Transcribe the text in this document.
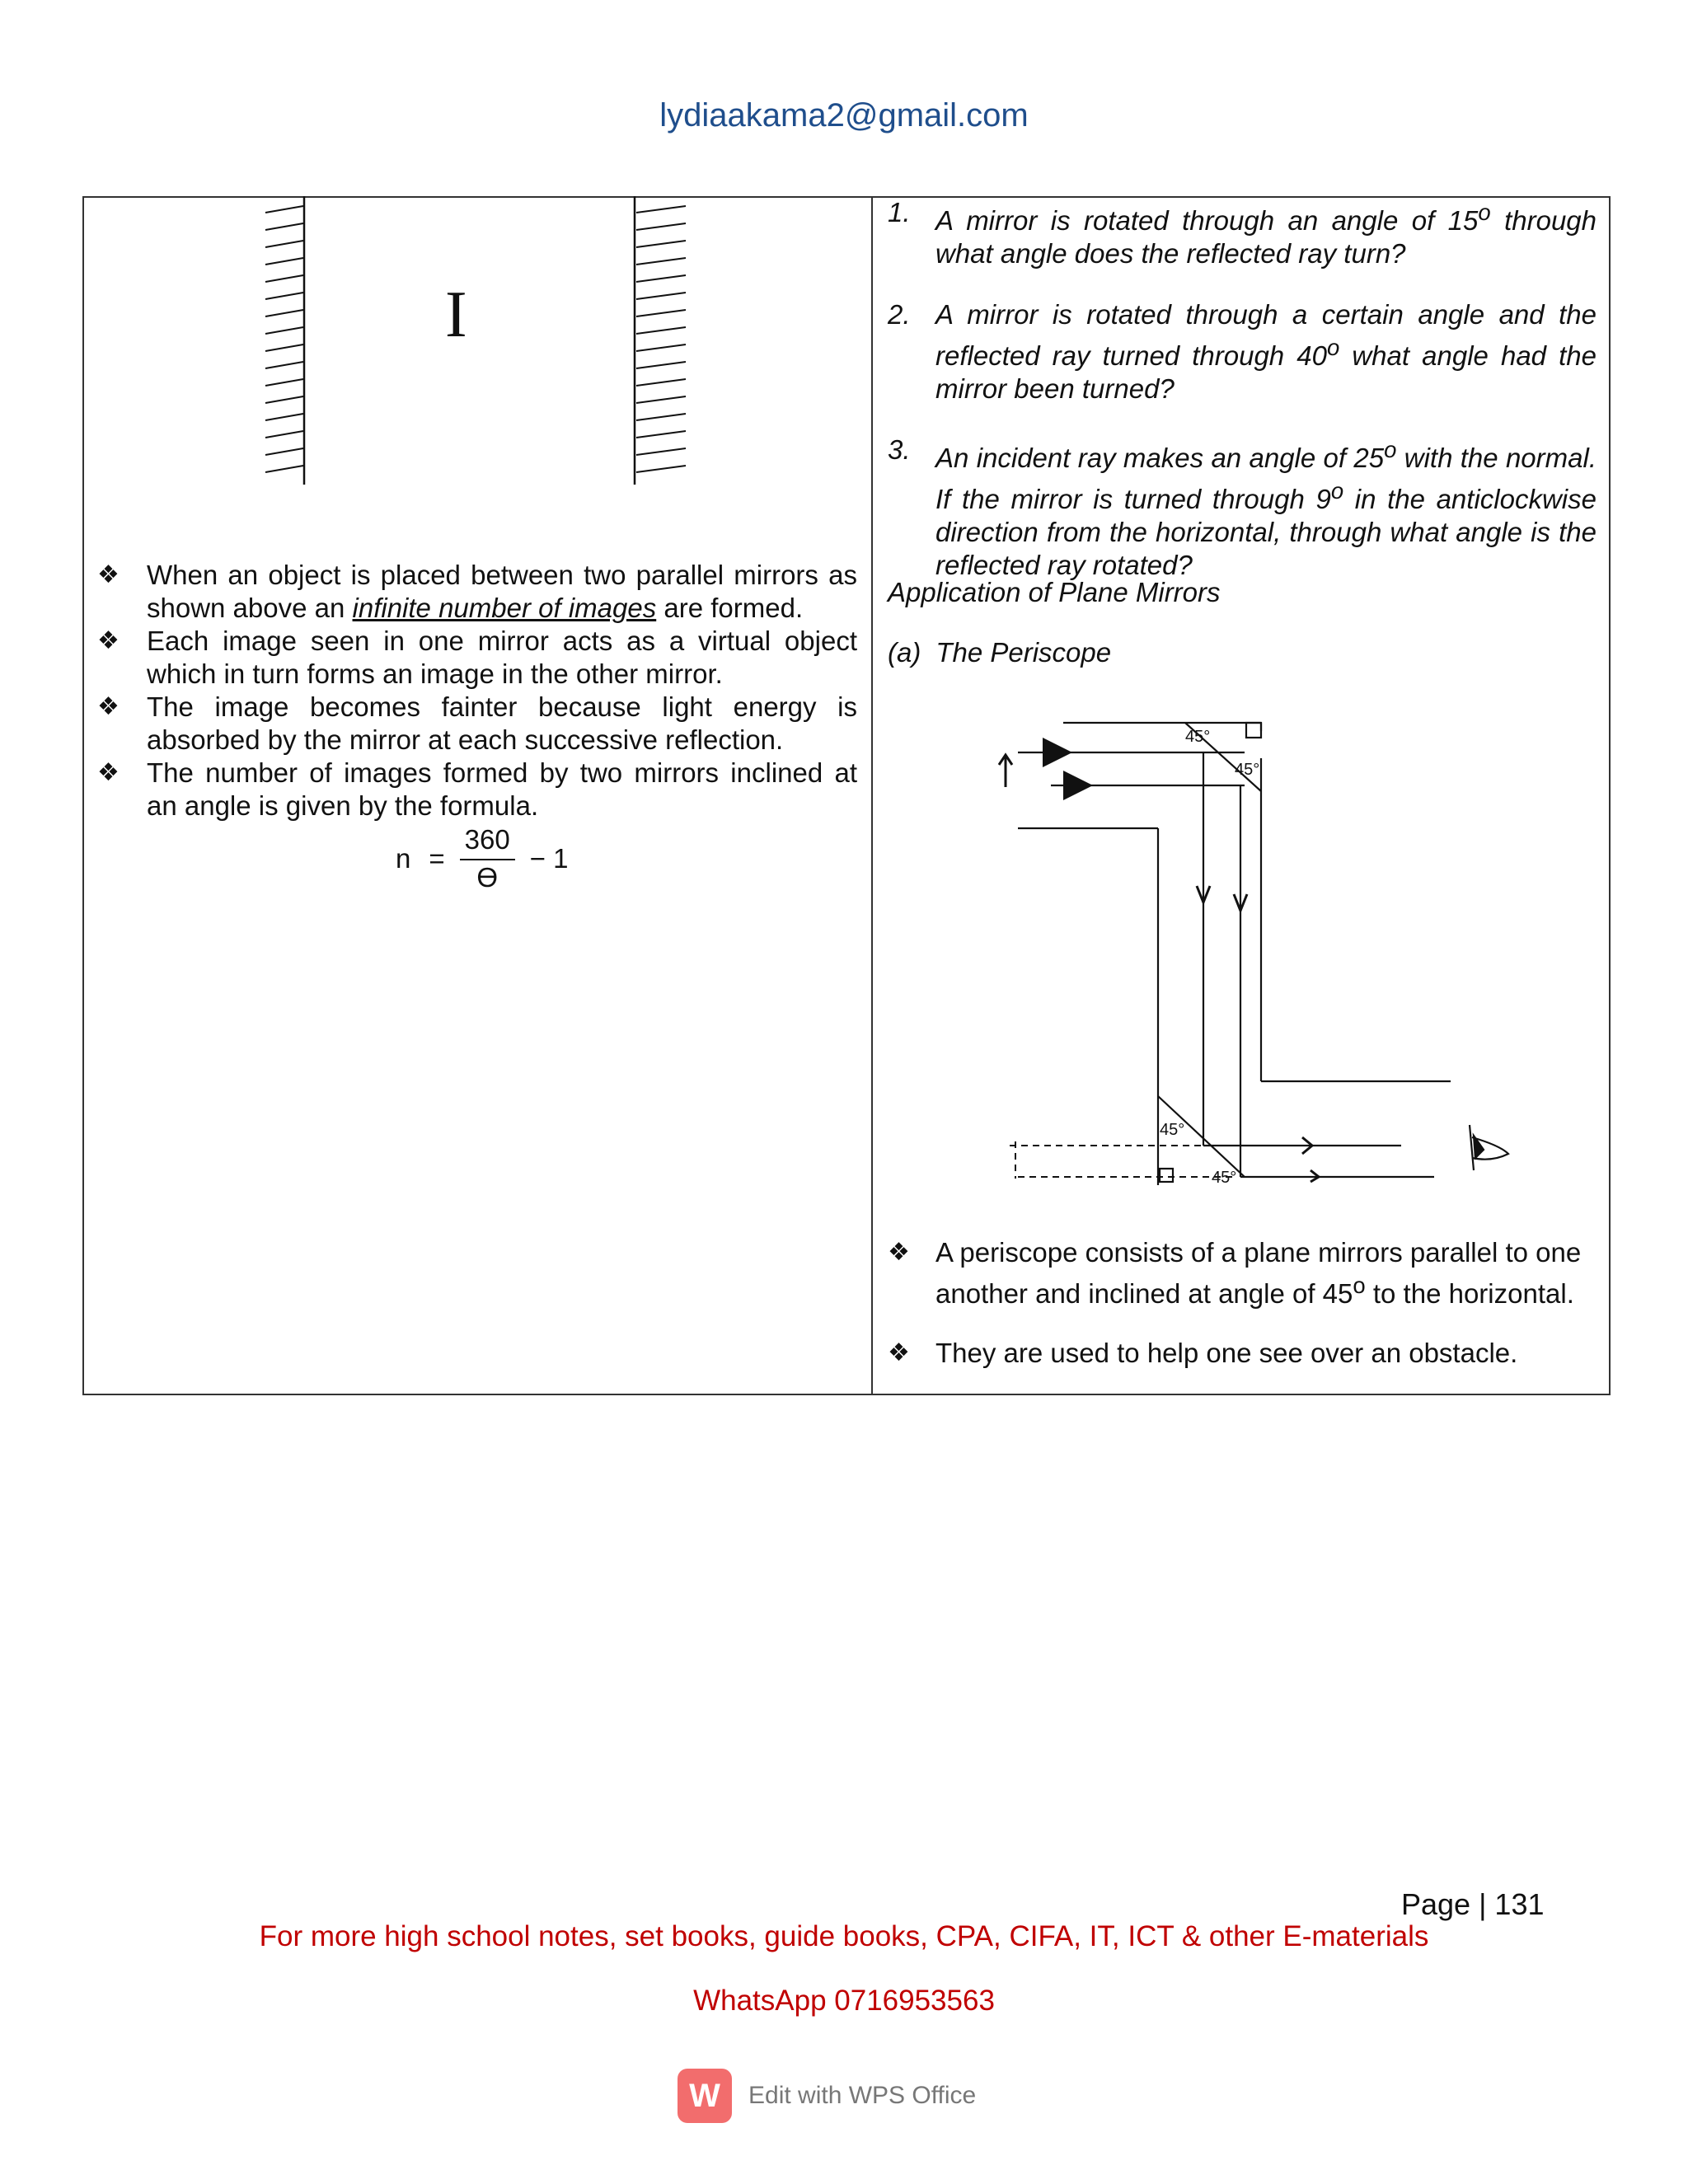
lydiaakama2@gmail.com
I
❖ When an object is placed between two parallel mirrors as shown above an infinite number of images are formed.
❖ Each image seen in one mirror acts as a virtual object which in turn forms an image in the other mirror.
❖ The image becomes fainter because light energy is absorbed by the mirror at each successive reflection.
❖ The number of images formed by two mirrors inclined at an angle is given by the formula.
$n = \frac{360}{ϴ} - 1$
1. A mirror is rotated through an angle of 15$^o$ through what angle does the reflected ray turn?
2. A mirror is rotated through a certain angle and the reflected ray turned through 40$^o$ what angle had the mirror been turned?
3. An incident ray makes an angle of 25$^o$ with the normal. If the mirror is turned through 9$^o$ in the anticlockwise direction from the horizontal, through what angle is the reflected ray rotated?
Application of Plane Mirrors
(a) The Periscope
45°
45°
45°
45°
❖ A periscope consists of a plane mirrors parallel to one another and inclined at angle of 45$^o$ to the horizontal.
❖ They are used to help one see over an obstacle.
Page | 131
For more high school notes, set books, guide books, CPA, CIFA, IT, ICT & other E-materials
WhatsApp 0716953563
W	Edit with WPS Office
